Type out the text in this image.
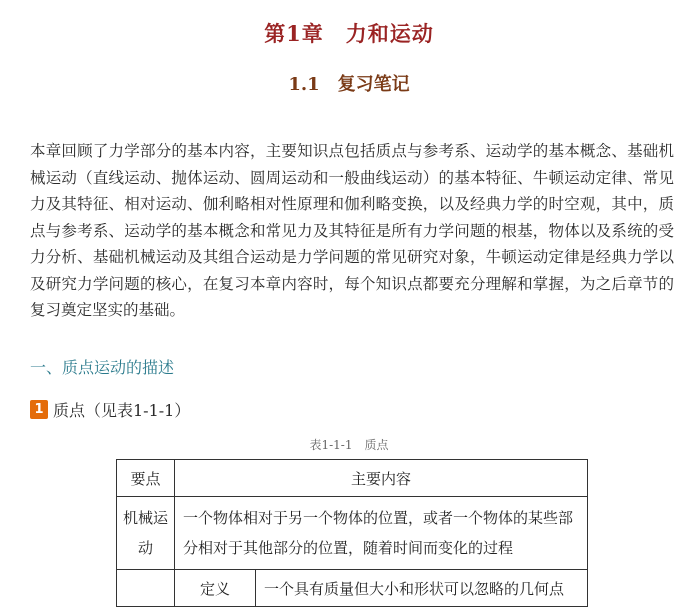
第1章　力和运动
1.1　复习笔记

本章回顾了力学部分的基本内容，主要知识点包括质点与参考系、运动学的基本概念、基础机械运动（直线运动、抛体运动、圆周运动和一般曲线运动）的基本特征、牛顿运动定律、常见力及其特征、相对运动、伽利略相对性原理和伽利略变换，以及经典力学的时空观，其中，质点与参考系、运动学的基本概念和常见力及其特征是所有力学问题的根基，物体以及系统的受力分析、基础机械运动及其组合运动是力学问题的常见研究对象，牛顿运动定律是经典力学以及研究力学问题的核心，在复习本章内容时，每个知识点都要充分理解和掌握，为之后章节的复习奠定坚实的基础。

一、质点运动的描述
1 质点（见表1-1-1）
表1-1-1　质点
要点	主要内容	
机械运动	一个物体相对于另一个物体的位置，或者一个物体的某些部分相对于其他部分的位置，随着时间而变化的过程	
	定义	一个具有质量但大小和形状可以忽略的几何点
